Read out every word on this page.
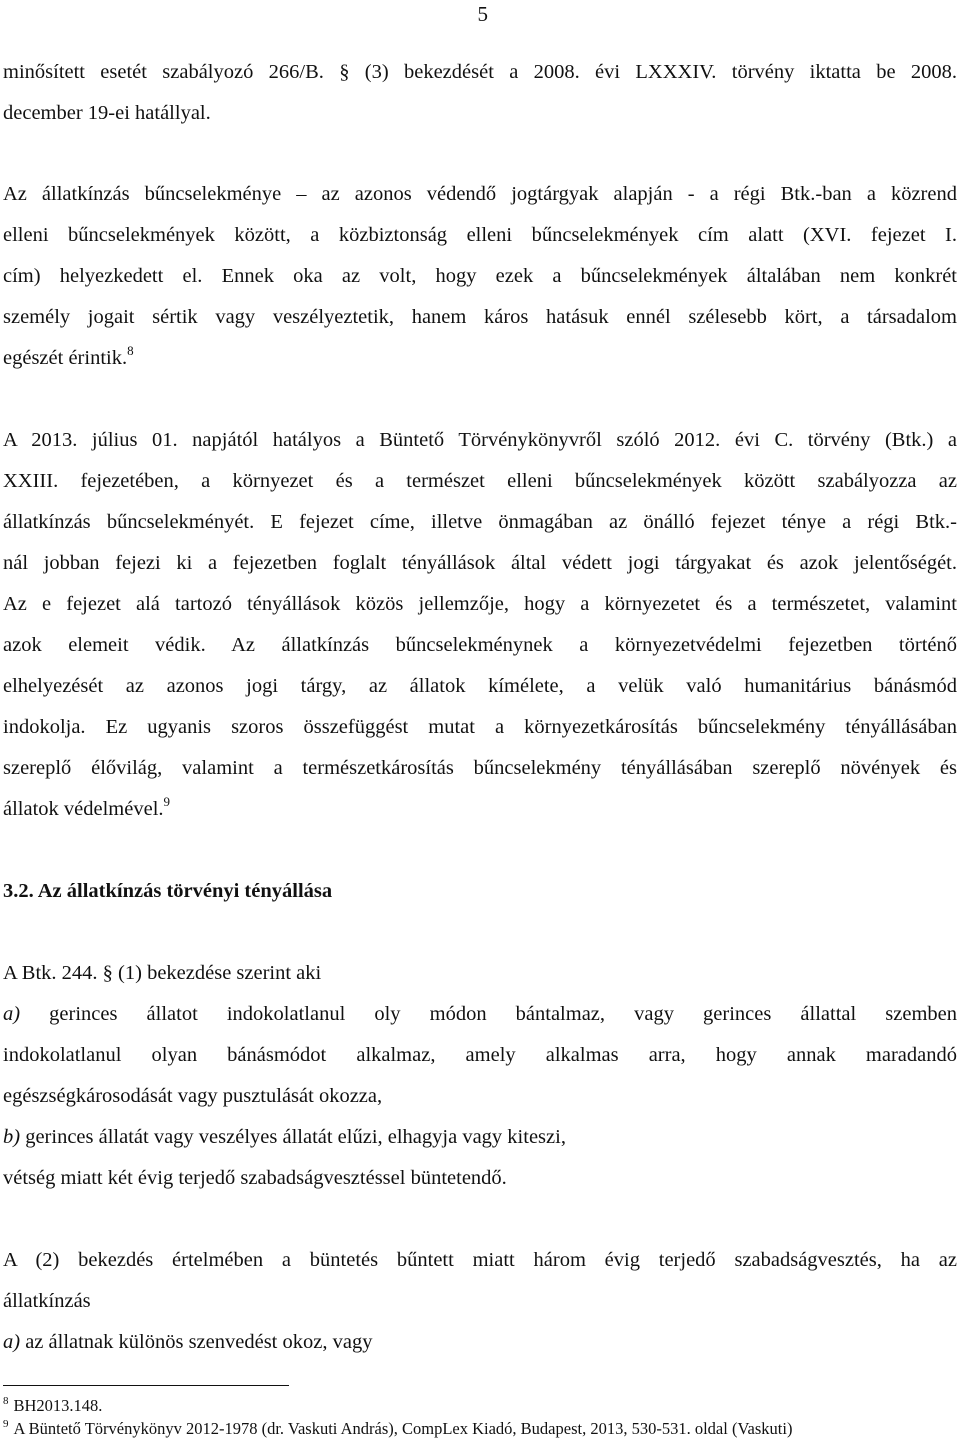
5
minősített esetét szabályozó 266/B. § (3) bekezdését a 2008. évi LXXXIV. törvény iktatta be 2008.
december 19-ei hatállyal.
Az állatkínzás bűncselekménye – az azonos védendő jogtárgyak alapján - a régi Btk.-ban a közrend
elleni bűncselekmények között, a közbiztonság elleni bűncselekmények cím alatt (XVI. fejezet I.
cím) helyezkedett el. Ennek oka az volt, hogy ezek a bűncselekmények általában nem konkrét
személy jogait sértik vagy veszélyeztetik, hanem káros hatásuk ennél szélesebb kört, a társadalom
egészét érintik.$^8$
A 2013. július 01. napjától hatályos a Büntető Törvénykönyvről szóló 2012. évi C. törvény (Btk.) a
XXIII. fejezetében, a környezet és a természet elleni bűncselekmények között szabályozza az
állatkínzás bűncselekményét. E fejezet címe, illetve önmagában az önálló fejezet ténye a régi Btk.-
nál jobban fejezi ki a fejezetben foglalt tényállások által védett jogi tárgyakat és azok jelentőségét.
Az e fejezet alá tartozó tényállások közös jellemzője, hogy a környezetet és a természetet, valamint
azok elemeit védik. Az állatkínzás bűncselekménynek a környezetvédelmi fejezetben történő
elhelyezését az azonos jogi tárgy, az állatok kímélete, a velük való humanitárius bánásmód
indokolja. Ez ugyanis szoros összefüggést mutat a környezetkárosítás bűncselekmény tényállásában
szereplő élővilág, valamint a természetkárosítás bűncselekmény tényállásában szereplő növények és
állatok védelmével.$^9$
3.2. Az állatkínzás törvényi tényállása
A Btk. 244. § (1) bekezdése szerint aki
a) gerinces állatot indokolatlanul oly módon bántalmaz, vagy gerinces állattal szemben
indokolatlanul olyan bánásmódot alkalmaz, amely alkalmas arra, hogy annak maradandó
egészségkárosodását vagy pusztulását okozza,
b) gerinces állatát vagy veszélyes állatát elűzi, elhagyja vagy kiteszi,
vétség miatt két évig terjedő szabadságvesztéssel büntetendő.
A (2) bekezdés értelmében a büntetés bűntett miatt három évig terjedő szabadságvesztés, ha az
állatkínzás
a) az állatnak különös szenvedést okoz, vagy
$^8$ BH2013.148.
$^9$ A Büntető Törvénykönyv 2012-1978 (dr. Vaskuti András), CompLex Kiadó, Budapest, 2013, 530-531. oldal (Vaskuti)
